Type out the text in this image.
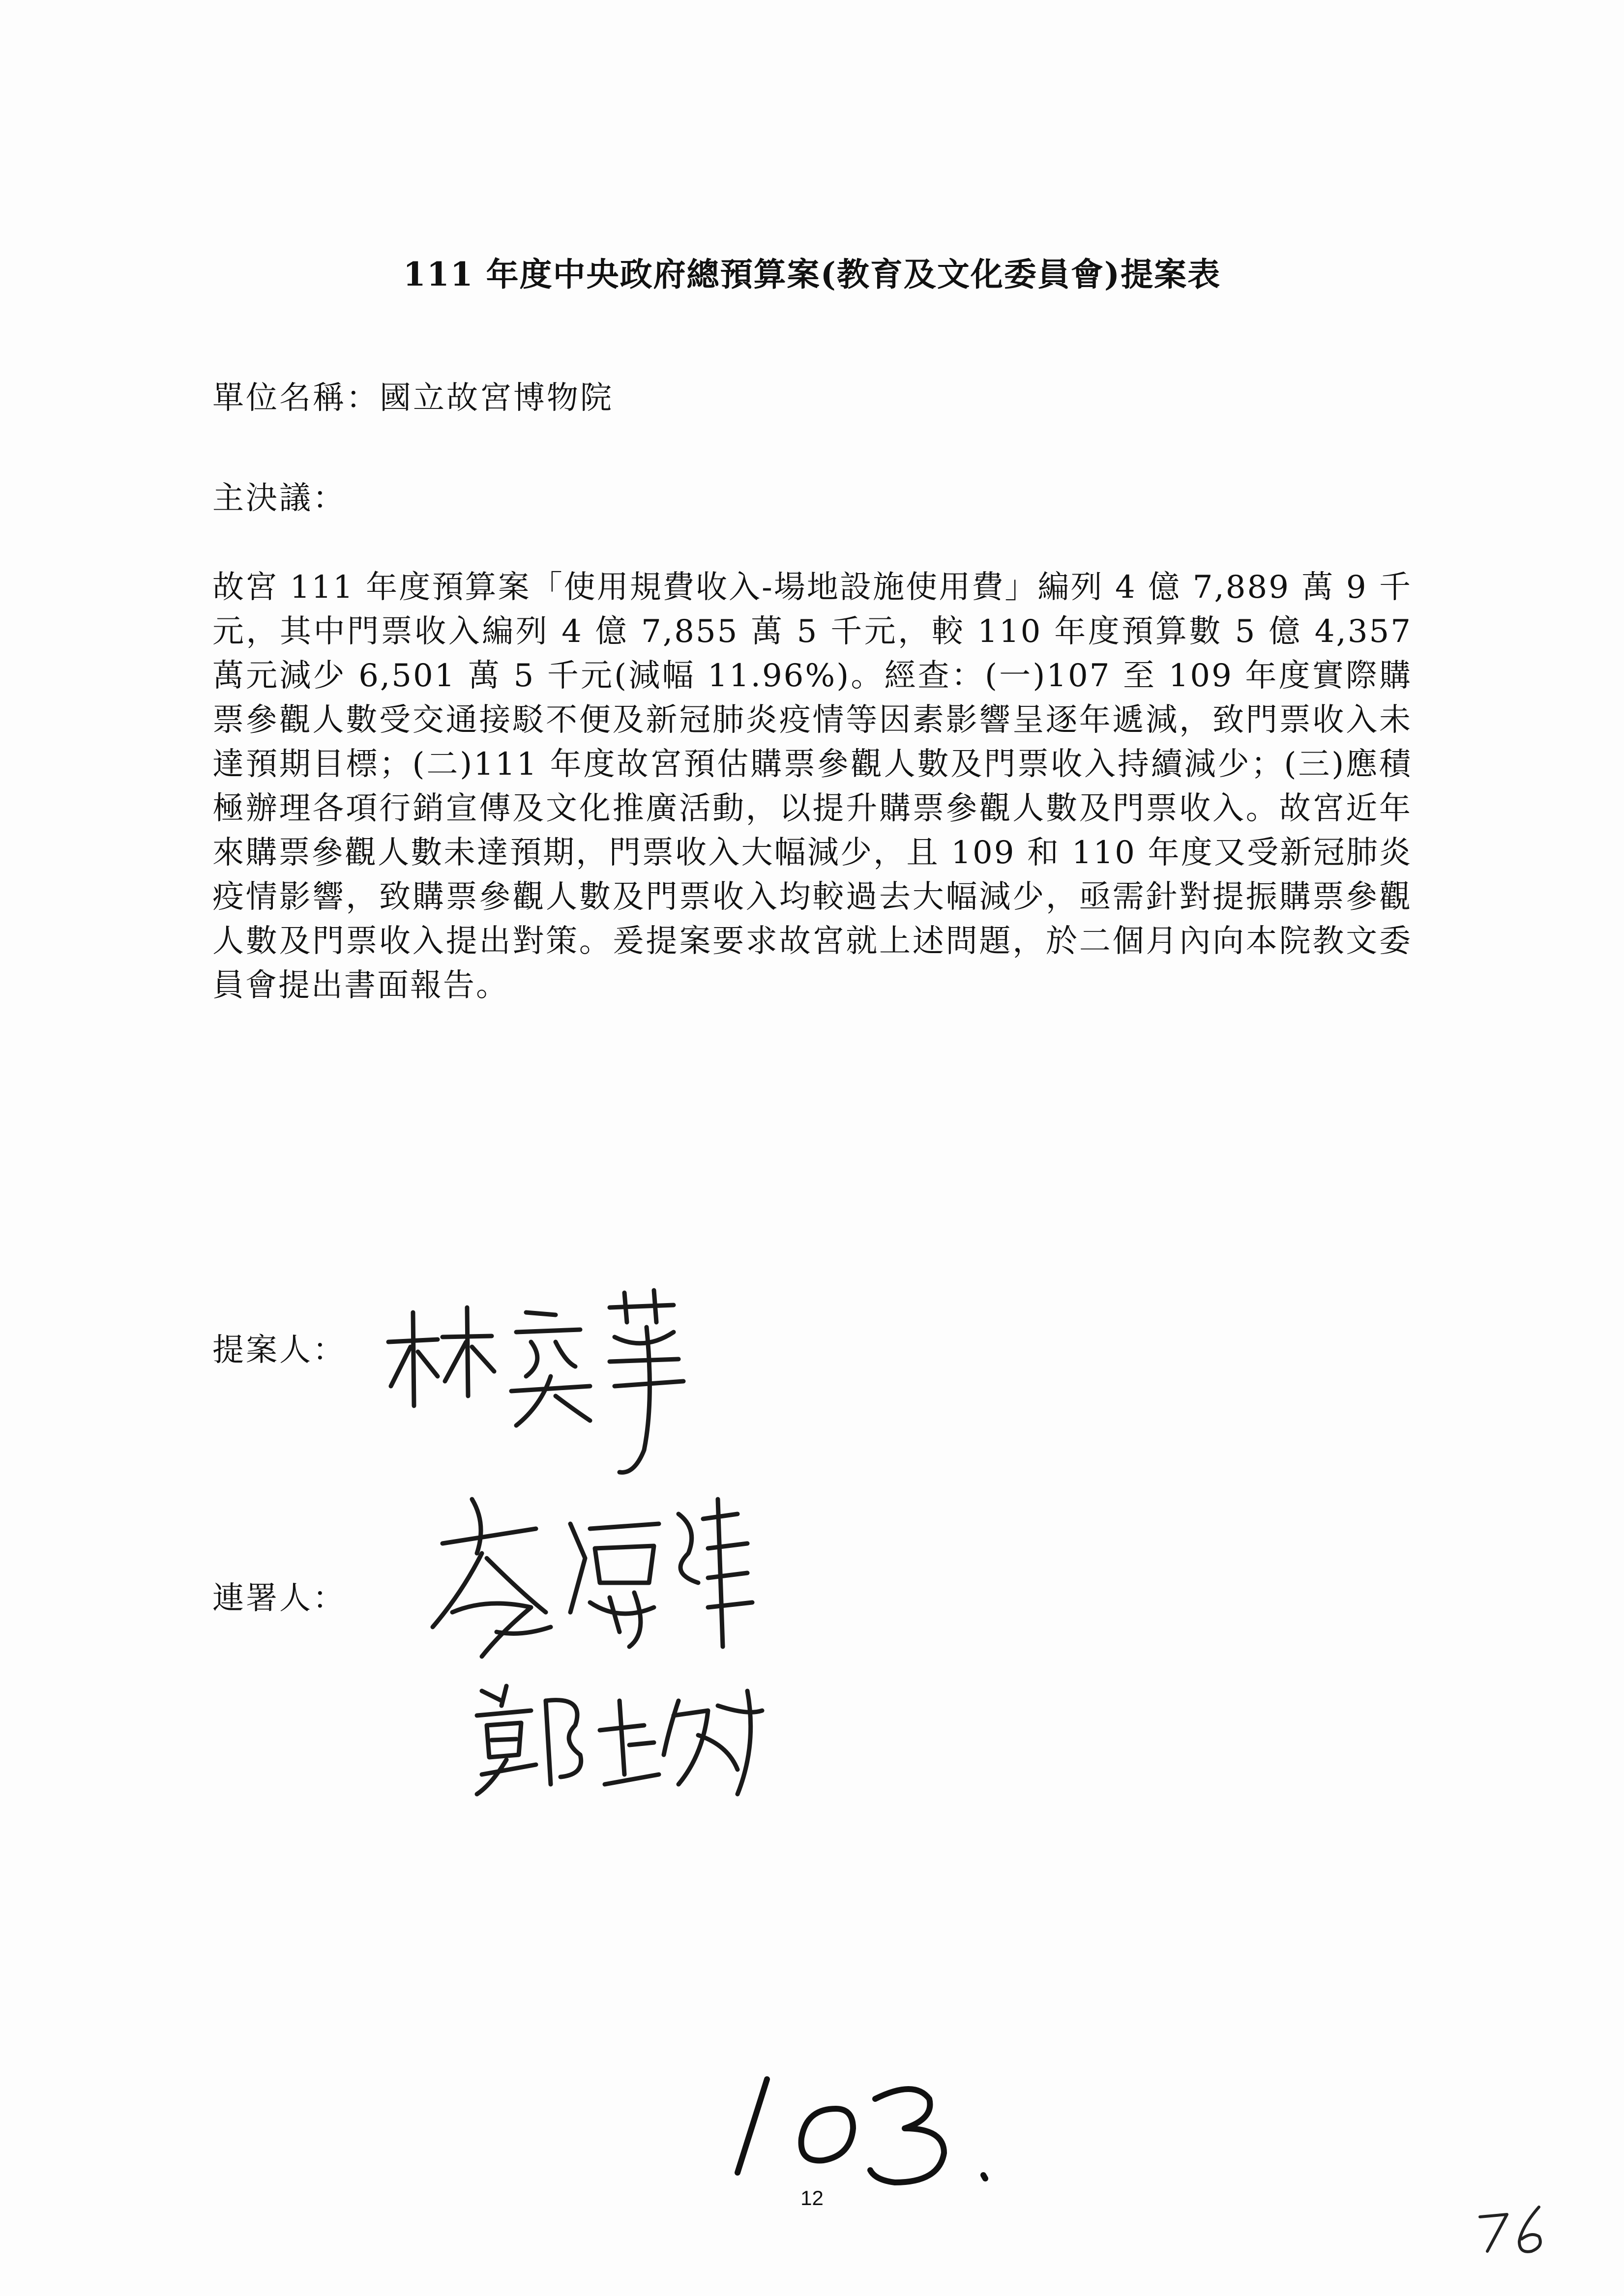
111 年度中央政府總預算案(教育及文化委員會)提案表
單位名稱：國立故宮博物院
主決議：
故宮 111 年度預算案「使用規費收入-場地設施使用費」編列 4 億 7,889 萬 9 千元，其中門票收入編列 4 億 7,855 萬 5 千元，較 110 年度預算數 5 億 4,357 萬元減少 6,501 萬 5 千元(減幅 11.96%)。經查：(一)107 至 109 年度實際購票參觀人數受交通接駁不便及新冠肺炎疫情等因素影響呈逐年遞減，致門票收入未達預期目標；(二)111 年度故宮預估購票參觀人數及門票收入持續減少；(三)應積極辦理各項行銷宣傳及文化推廣活動，以提升購票參觀人數及門票收入。故宮近年來購票參觀人數未達預期，門票收入大幅減少，且 109 和 110 年度又受新冠肺炎疫情影響，致購票參觀人數及門票收入均較過去大幅減少，亟需針對提振購票參觀人數及門票收入提出對策。爰提案要求故宮就上述問題，於二個月內向本院教文委員會提出書面報告。
提案人：
連署人：
12
